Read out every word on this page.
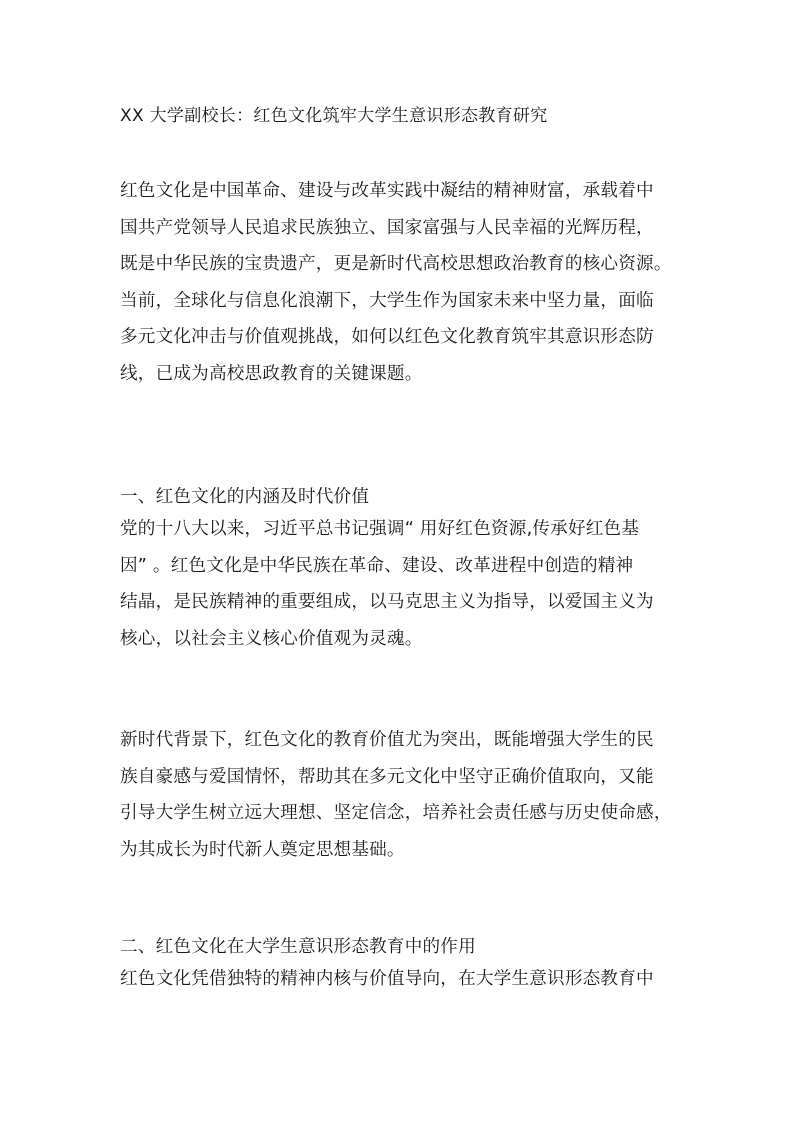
XX 大学副校长：红色文化筑牢大学生意识形态教育研究
红色文化是中国革命、建设与改革实践中凝结的精神财富，承载着中
国共产党领导人民追求民族独立、国家富强与人民幸福的光辉历程，
既是中华民族的宝贵遗产，更是新时代高校思想政治教育的核心资源。
当前，全球化与信息化浪潮下，大学生作为国家未来中坚力量，面临
多元文化冲击与价值观挑战，如何以红色文化教育筑牢其意识形态防
线，已成为高校思政教育的关键课题。
一、红色文化的内涵及时代价值
党的十八大以来，习近平总书记强调“ 用好红色资源,传承好红色基
因” 。红色文化是中华民族在革命、建设、改革进程中创造的精神
结晶，是民族精神的重要组成，以马克思主义为指导，以爱国主义为
核心，以社会主义核心价值观为灵魂。
新时代背景下，红色文化的教育价值尤为突出，既能增强大学生的民
族自豪感与爱国情怀，帮助其在多元文化中坚守正确价值取向，又能
引导大学生树立远大理想、坚定信念，培养社会责任感与历史使命感，
为其成长为时代新人奠定思想基础。
二、红色文化在大学生意识形态教育中的作用
红色文化凭借独特的精神内核与价值导向，在大学生意识形态教育中
